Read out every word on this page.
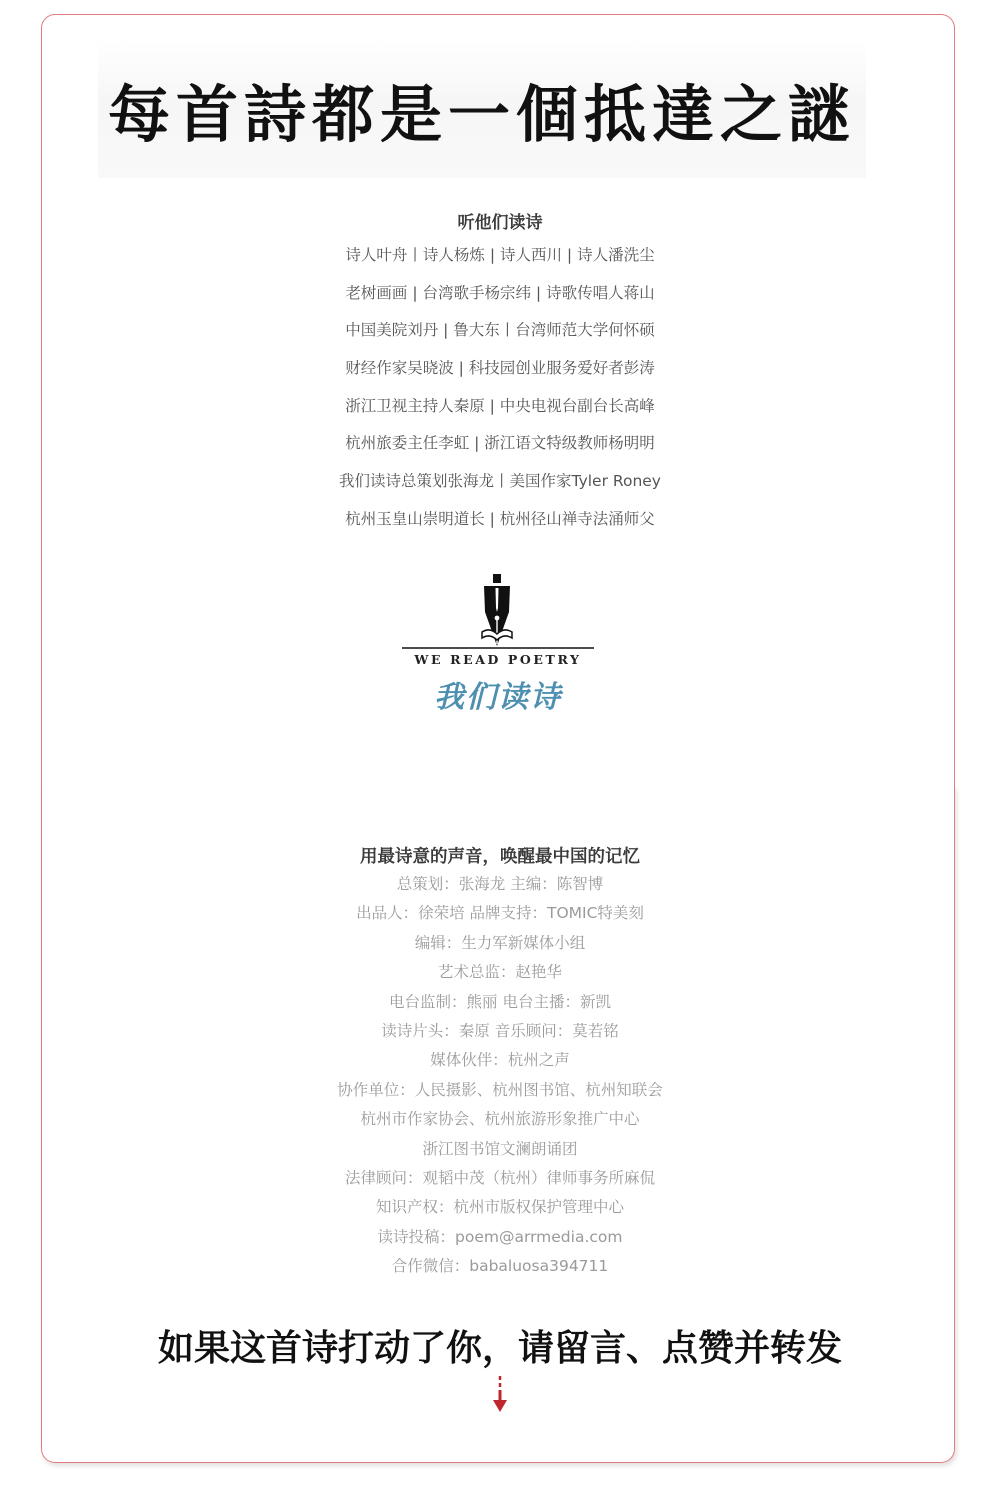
每首詩都是一個抵達之謎
听他们读诗
诗人叶舟丨诗人杨炼 | 诗人西川 | 诗人潘洗尘
老树画画 | 台湾歌手杨宗纬 | 诗歌传唱人蒋山
中国美院刘丹 | 鲁大东丨台湾师范大学何怀硕
财经作家吴晓波 | 科技园创业服务爱好者彭涛
浙江卫视主持人秦原 | 中央电视台副台长高峰
杭州旅委主任李虹 | 浙江语文特级教师杨明明
我们读诗总策划张海龙丨美国作家Tyler Roney
杭州玉皇山崇明道长 | 杭州径山禅寺法涌师父
WE READ POETRY
我们读诗
用最诗意的声音，唤醒最中国的记忆
总策划：张海龙 主编：陈智博
出品人：徐荣培 品牌支持：TOMIC特美刻
编辑：生力军新媒体小组
艺术总监：赵艳华
电台监制：熊丽 电台主播：新凯
读诗片头：秦原 音乐顾问：莫若铭
媒体伙伴：杭州之声
协作单位：人民摄影、杭州图书馆、杭州知联会
杭州市作家协会、杭州旅游形象推广中心
浙江图书馆文澜朗诵团
法律顾问：观韬中茂（杭州）律师事务所麻侃
知识产权：杭州市版权保护管理中心
读诗投稿：poem@arrmedia.com
合作微信：babaluosa394711
如果这首诗打动了你，请留言、点赞并转发
